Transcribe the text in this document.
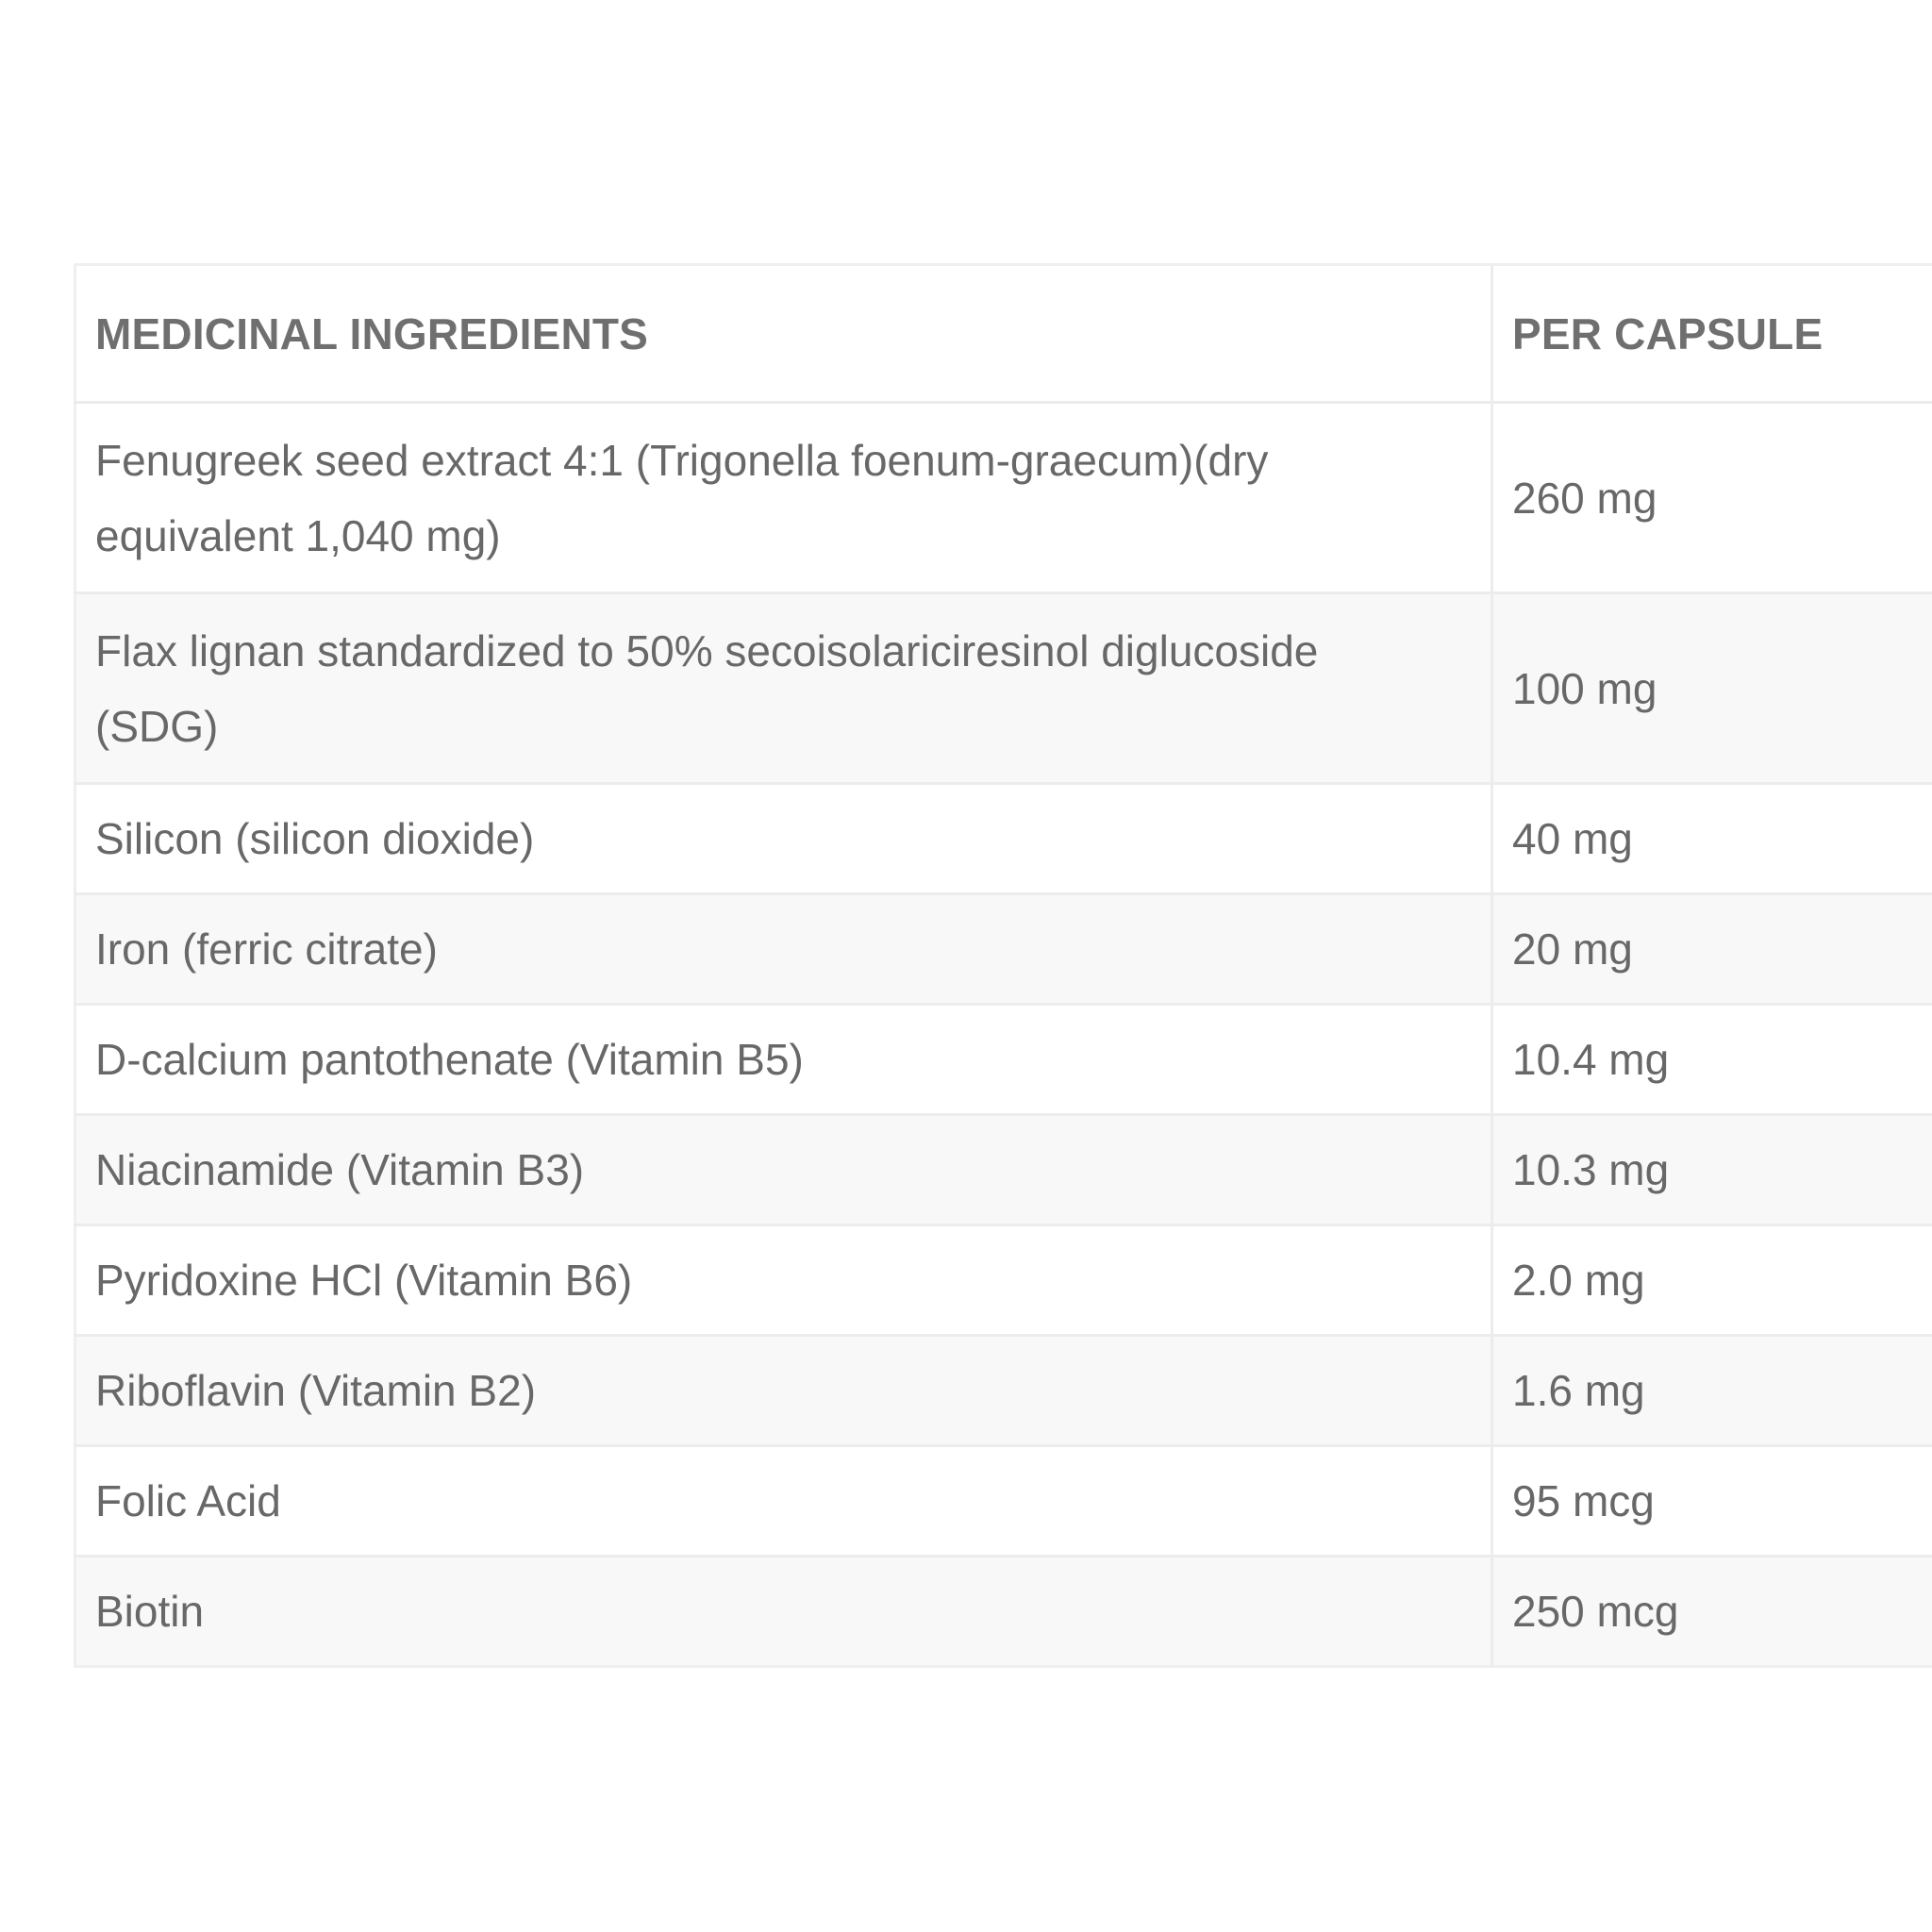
MEDICINAL INGREDIENTS	PER CAPSULE
Fenugreek seed extract 4:1 (Trigonella foenum-graecum)(dry equivalent 1,040 mg)	260 mg
Flax lignan standardized to 50% secoisolariciresinol diglucoside (SDG)	100 mg
Silicon (silicon dioxide)	40 mg
Iron (ferric citrate)	20 mg
D-calcium pantothenate (Vitamin B5)	10.4 mg
Niacinamide (Vitamin B3)	10.3 mg
Pyridoxine HCl (Vitamin B6)	2.0 mg
Riboflavin (Vitamin B2)	1.6 mg
Folic Acid	95 mcg
Biotin	250 mcg
